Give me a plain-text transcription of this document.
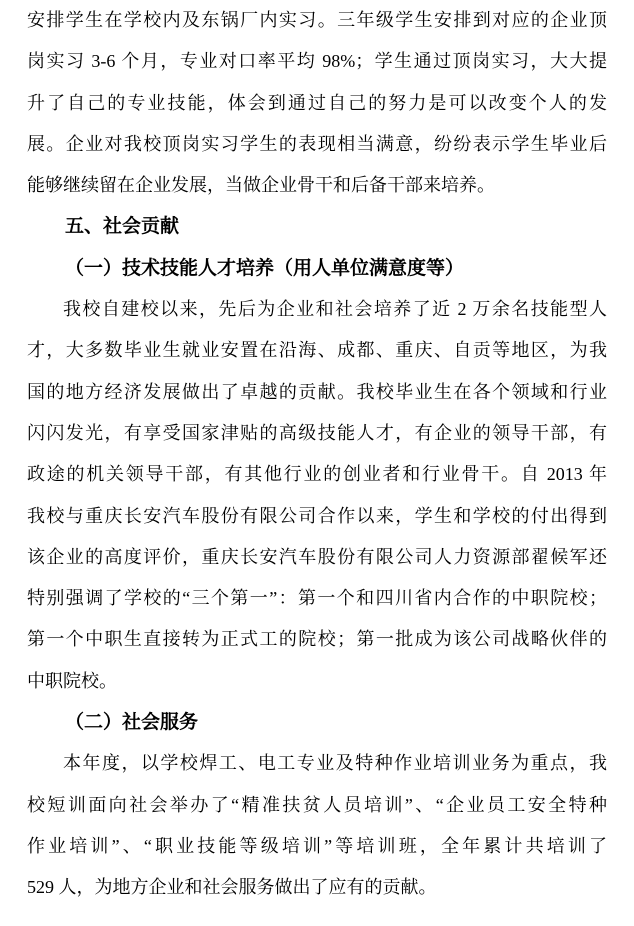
安排学生在学校内及东锅厂内实习。三年级学生安排到对应的企业顶
岗实习 3-6 个月，专业对口率平均 98%；学生通过顶岗实习，大大提
升了自己的专业技能，体会到通过自己的努力是可以改变个人的发
展。企业对我校顶岗实习学生的表现相当满意，纷纷表示学生毕业后
能够继续留在企业发展，当做企业骨干和后备干部来培养。
五、社会贡献
（一）技术技能人才培养（用人单位满意度等）
我校自建校以来，先后为企业和社会培养了近 2 万余名技能型人
才，大多数毕业生就业安置在沿海、成都、重庆、自贡等地区，为我
国的地方经济发展做出了卓越的贡献。我校毕业生在各个领域和行业
闪闪发光，有享受国家津贴的高级技能人才，有企业的领导干部，有
政途的机关领导干部，有其他行业的创业者和行业骨干。自 2013 年
我校与重庆长安汽车股份有限公司合作以来，学生和学校的付出得到
该企业的高度评价，重庆长安汽车股份有限公司人力资源部翟候军还
特别强调了学校的“三个第一”：第一个和四川省内合作的中职院校；
第一个中职生直接转为正式工的院校；第一批成为该公司战略伙伴的
中职院校。
（二）社会服务
本年度，以学校焊工、电工专业及特种作业培训业务为重点，我
校短训面向社会举办了“精准扶贫人员培训”、“企业员工安全特种
作业培训”、“职业技能等级培训”等培训班，全年累计共培训了
529 人，为地方企业和社会服务做出了应有的贡献。
